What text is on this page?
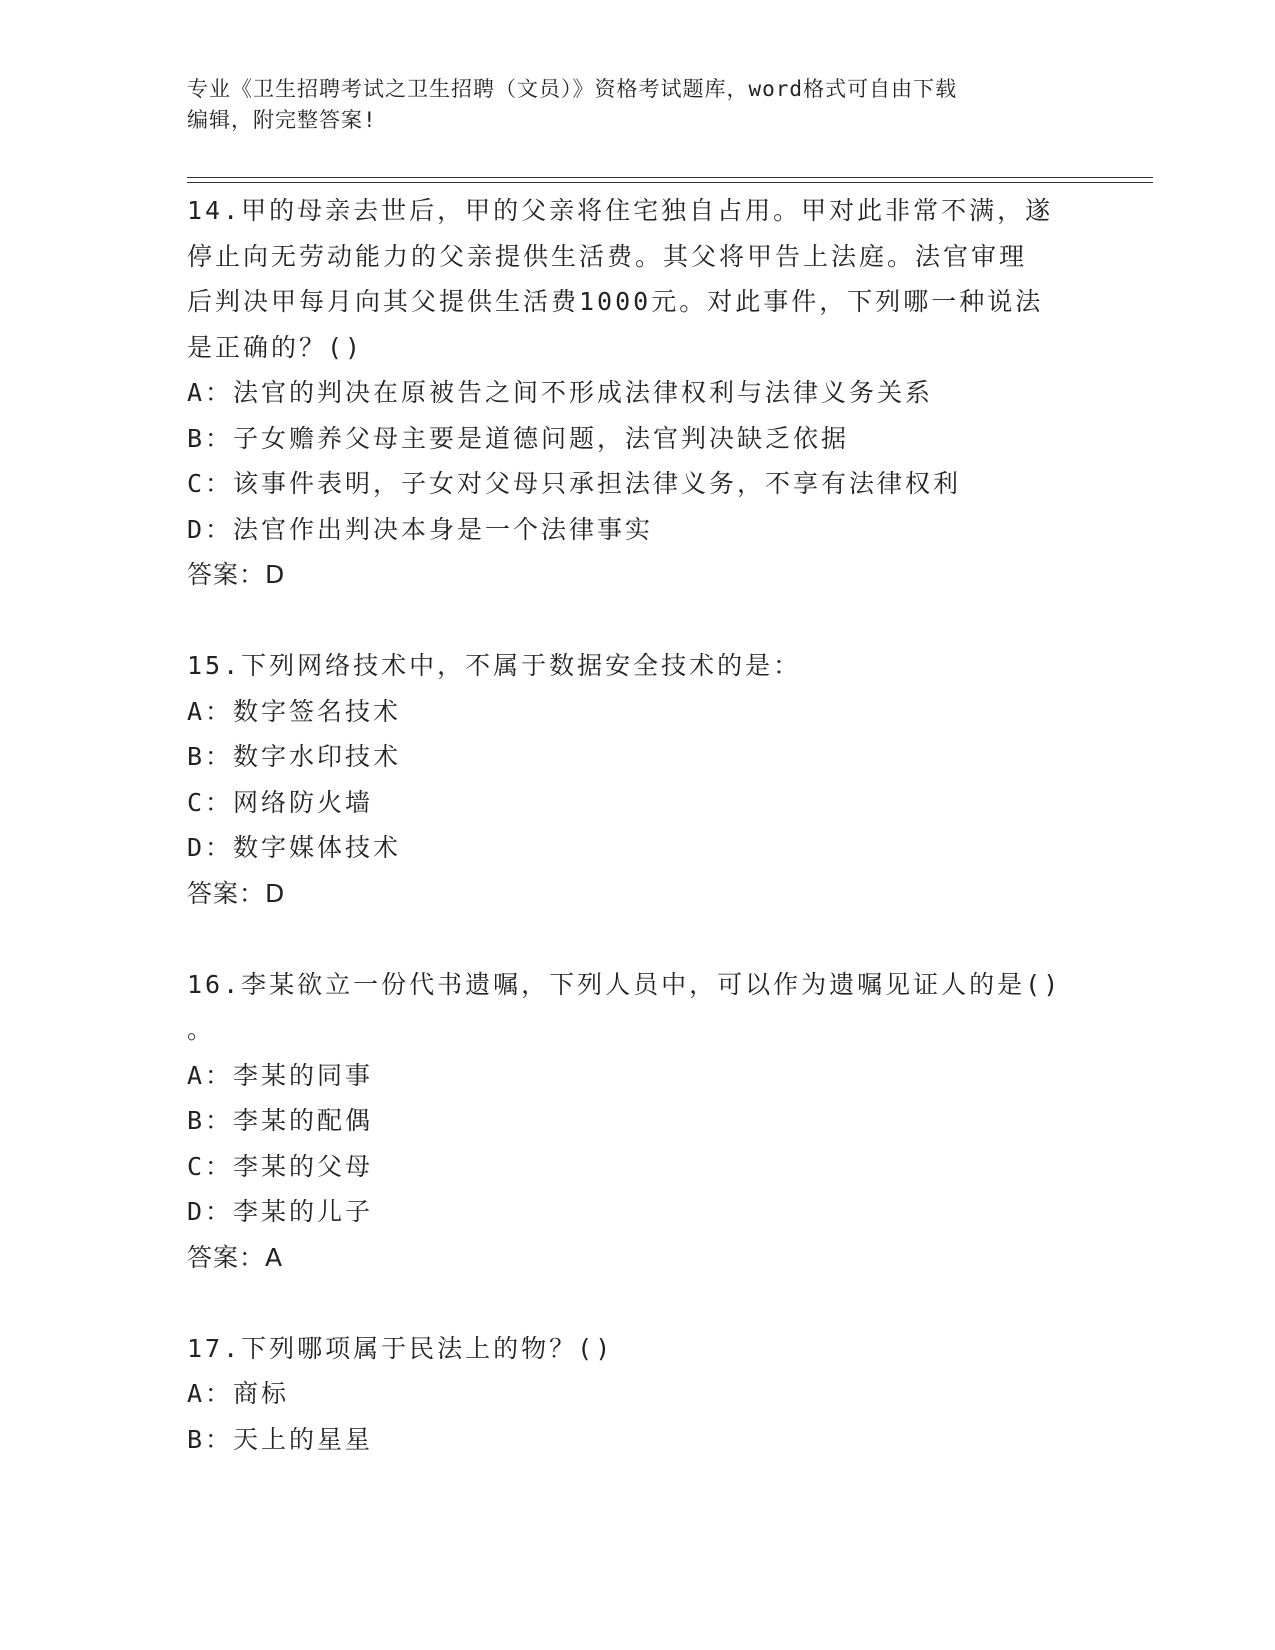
专业《卫生招聘考试之卫生招聘（文员）》资格考试题库，word格式可自由下载
编辑，附完整答案!
14.甲的母亲去世后，甲的父亲将住宅独自占用。甲对此非常不满，遂
停止向无劳动能力的父亲提供生活费。其父将甲告上法庭。法官审理
后判决甲每月向其父提供生活费1000元。对此事件，下列哪一种说法
是正确的？()
A：法官的判决在原被告之间不形成法律权利与法律义务关系
B：子女赡养父母主要是道德问题，法官判决缺乏依据
C：该事件表明，子女对父母只承担法律义务，不享有法律权利
D：法官作出判决本身是一个法律事实
答案：D
15.下列网络技术中，不属于数据安全技术的是：
A：数字签名技术
B：数字水印技术
C：网络防火墙
D：数字媒体技术
答案：D
16.李某欲立一份代书遗嘱，下列人员中，可以作为遗嘱见证人的是()
。
A：李某的同事
B：李某的配偶
C：李某的父母
D：李某的儿子
答案：A
17.下列哪项属于民法上的物？()
A：商标
B：天上的星星
